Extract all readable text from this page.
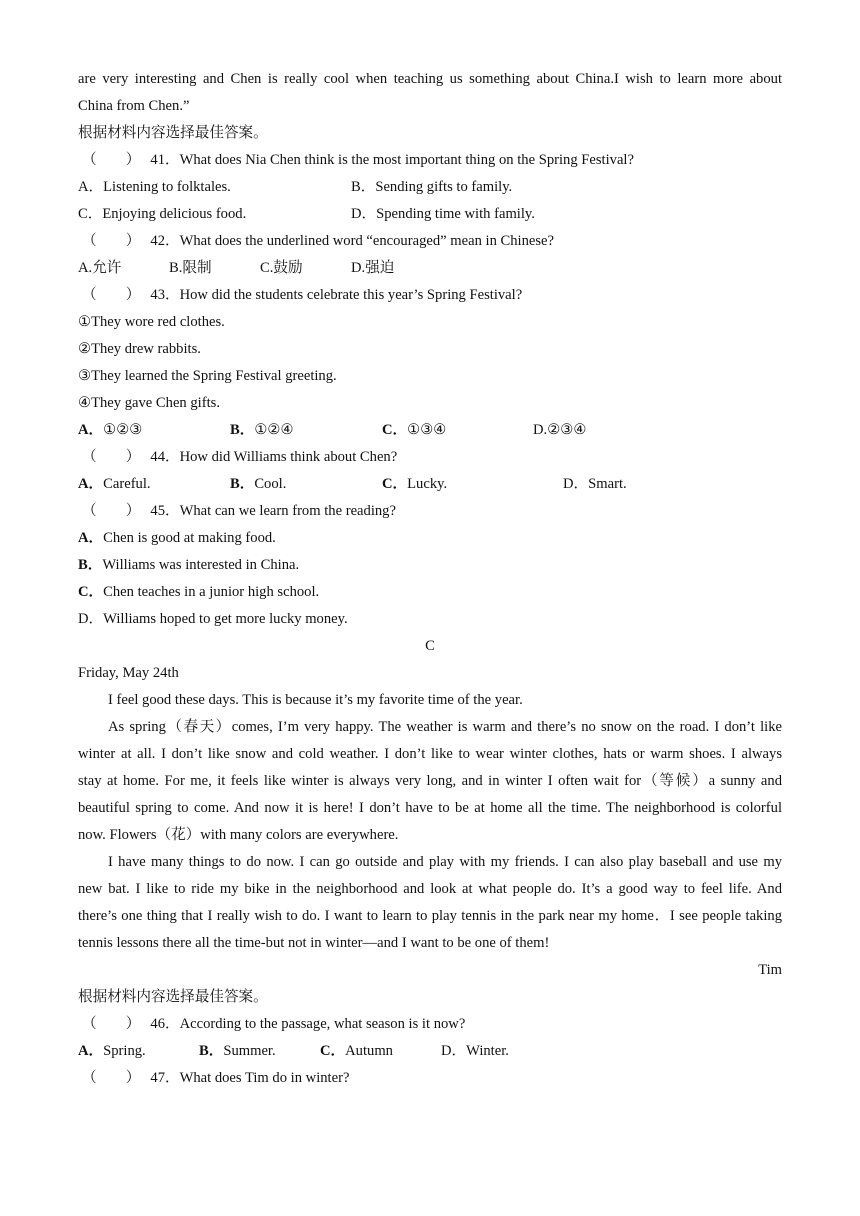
are very interesting and Chen is really cool when teaching us something about China.I wish to learn more about
China from Chen.”
根据材料内容选择最佳答案。
（　　） 41．What does Nia Chen think is the most important thing on the Spring Festival?
A．Listening to folktales.	B．Sending gifts to family.
C．Enjoying delicious food.	D．Spending time with family.
（　　） 42．What does the underlined word “encouraged” mean in Chinese?
A.允许	B.限制	C.鼓励	D.强迫
（　　） 43．How did the students celebrate this year’s Spring Festival?
①They wore red clothes.
②They drew rabbits.
③They learned the Spring Festival greeting.
④They gave Chen gifts.
A．①②③	B．①②④	C．①③④	D.②③④
（　　） 44．How did Williams think about Chen?
A．Careful.	B．Cool.	C．Lucky.	D．Smart.
（　　） 45．What can we learn from the reading?
A．Chen is good at making food.
B．Williams was interested in China.
C．Chen teaches in a junior high school.
D．Williams hoped to get more lucky money.
C
Friday, May 24th
I feel good these days. This is because it’s my favorite time of the year.
As spring（春天）comes, I’m very happy. The weather is warm and there’s no snow on the road. I don’t like
winter at all. I don’t like snow and cold weather. I don’t like to wear winter clothes, hats or warm shoes. I always
stay at home. For me, it feels like winter is always very long, and in winter I often wait for（等候）a sunny and
beautiful spring to come. And now it is here! I don’t have to be at home all the time. The neighborhood is colorful
now. Flowers（花）with many colors are everywhere.
I have many things to do now. I can go outside and play with my friends. I can also play baseball and use my
new bat. I like to ride my bike in the neighborhood and look at what people do. It’s a good way to feel life. And
there’s one thing that I really wish to do. I want to learn to play tennis in the park near my home．I see people taking
tennis lessons there all the time-but not in winter—and I want to be one of them!
Tim
根据材料内容选择最佳答案。
（　　） 46．According to the passage, what season is it now?
A．Spring.	B．Summer.	C．Autumn	D．Winter.
（　　） 47．What does Tim do in winter?
